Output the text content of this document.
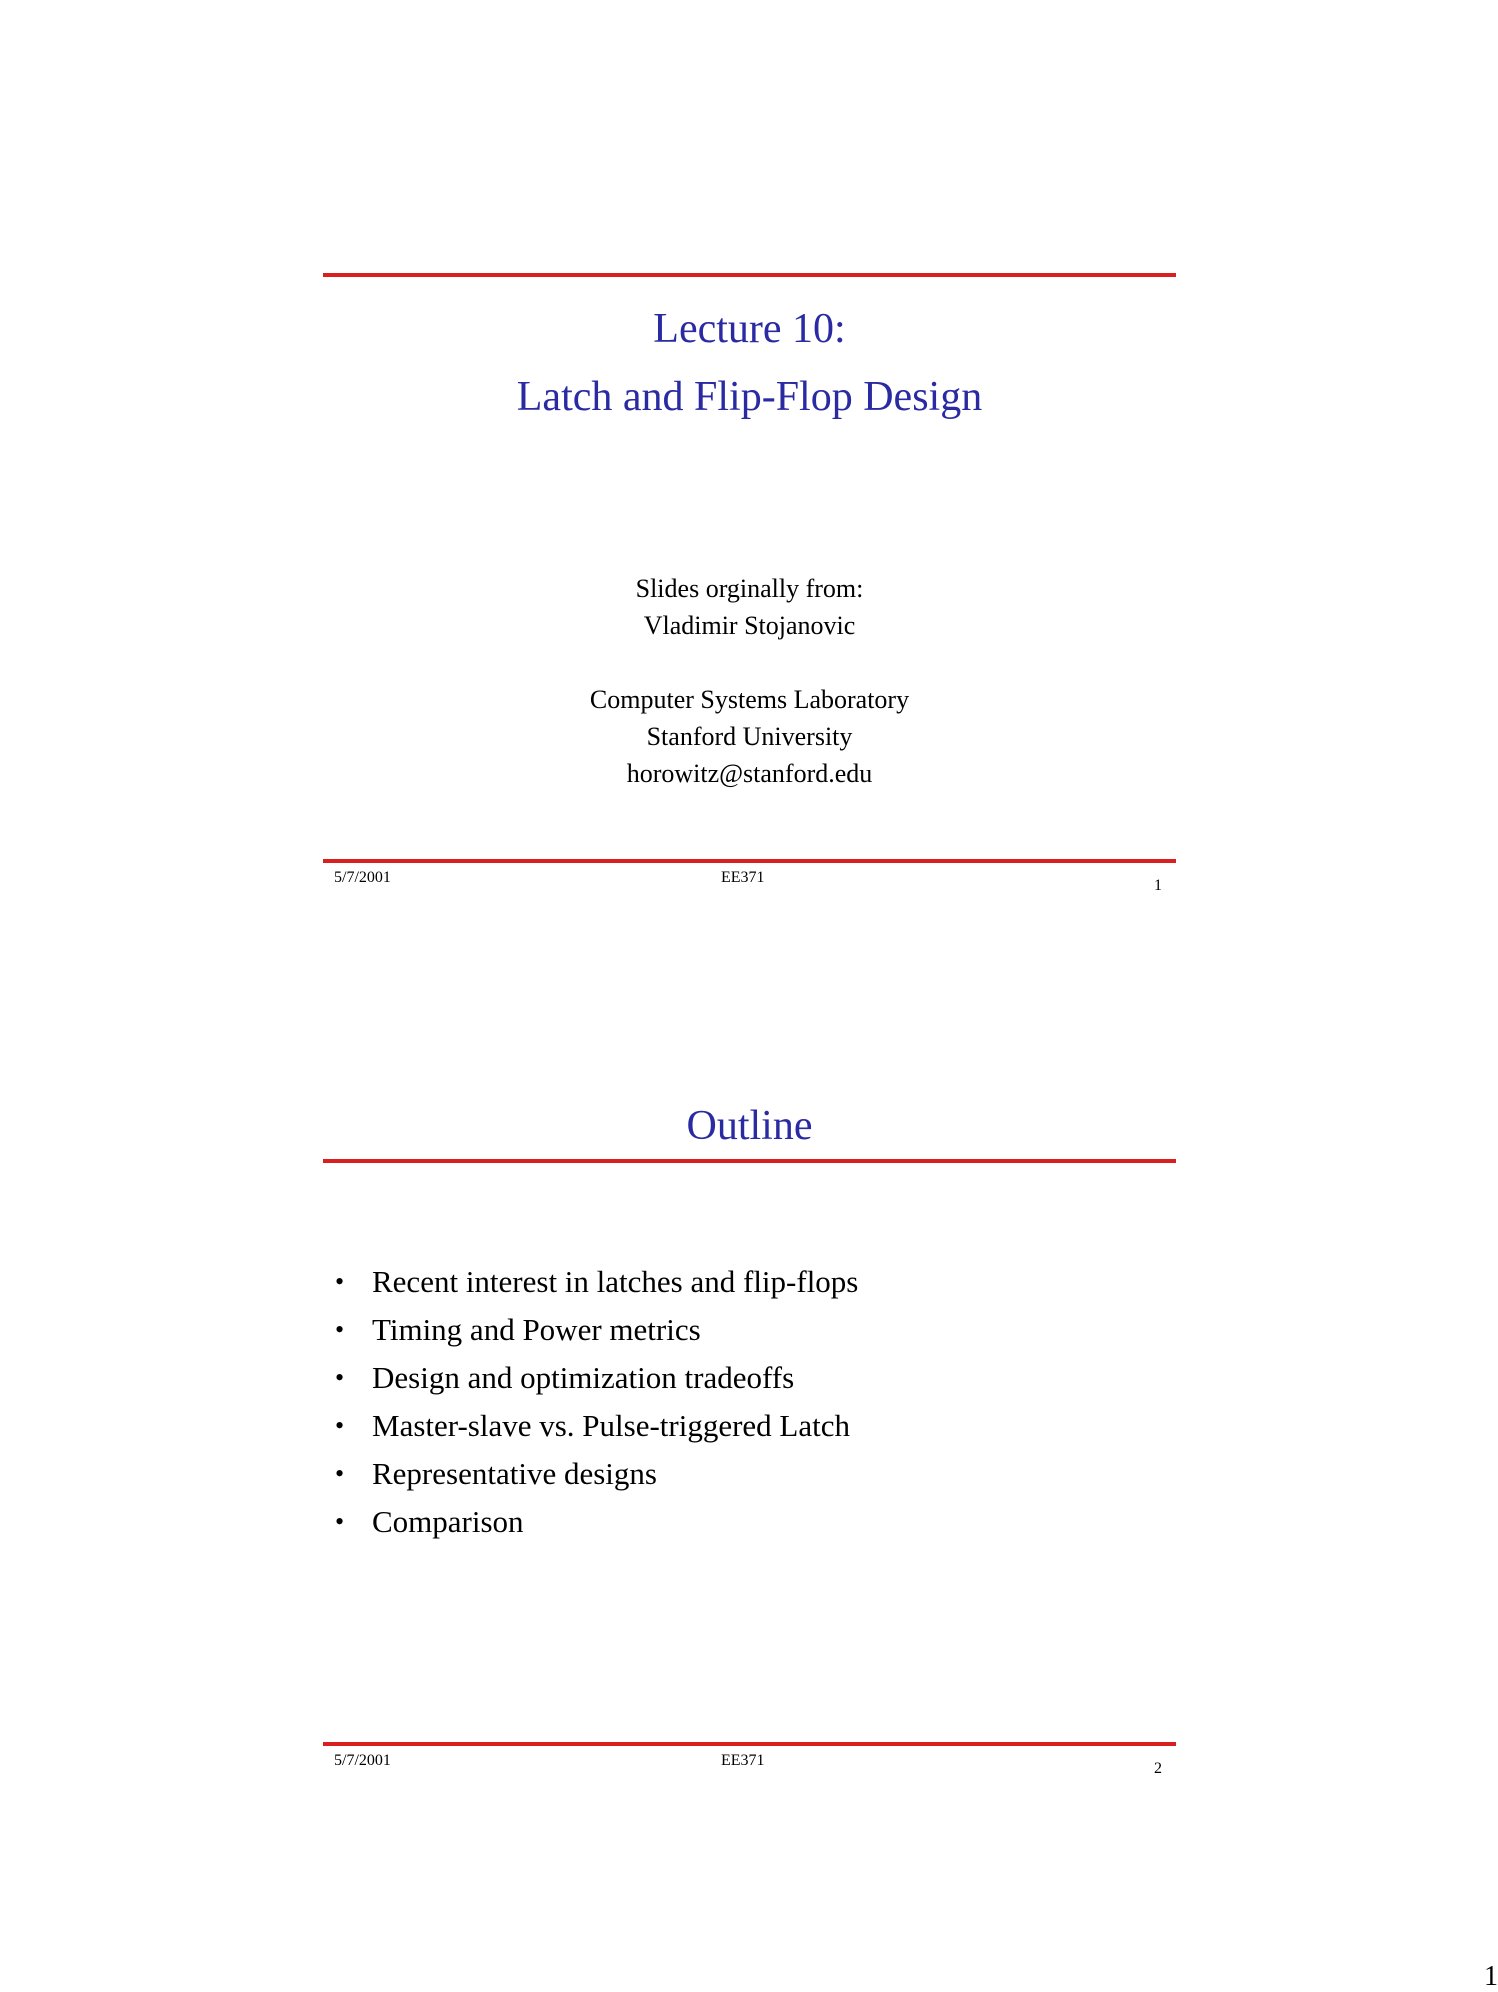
Lecture 10:
Latch and Flip-Flop Design
Slides orginally from:
Vladimir Stojanovic
Computer Systems Laboratory
Stanford University
horowitz@stanford.edu
5/7/2001	EE371	1
Outline
• Recent interest in latches and flip-flops
• Timing and Power metrics
• Design and optimization tradeoffs
• Master-slave vs. Pulse-triggered Latch
• Representative designs
• Comparison
5/7/2001	EE371	2
1
